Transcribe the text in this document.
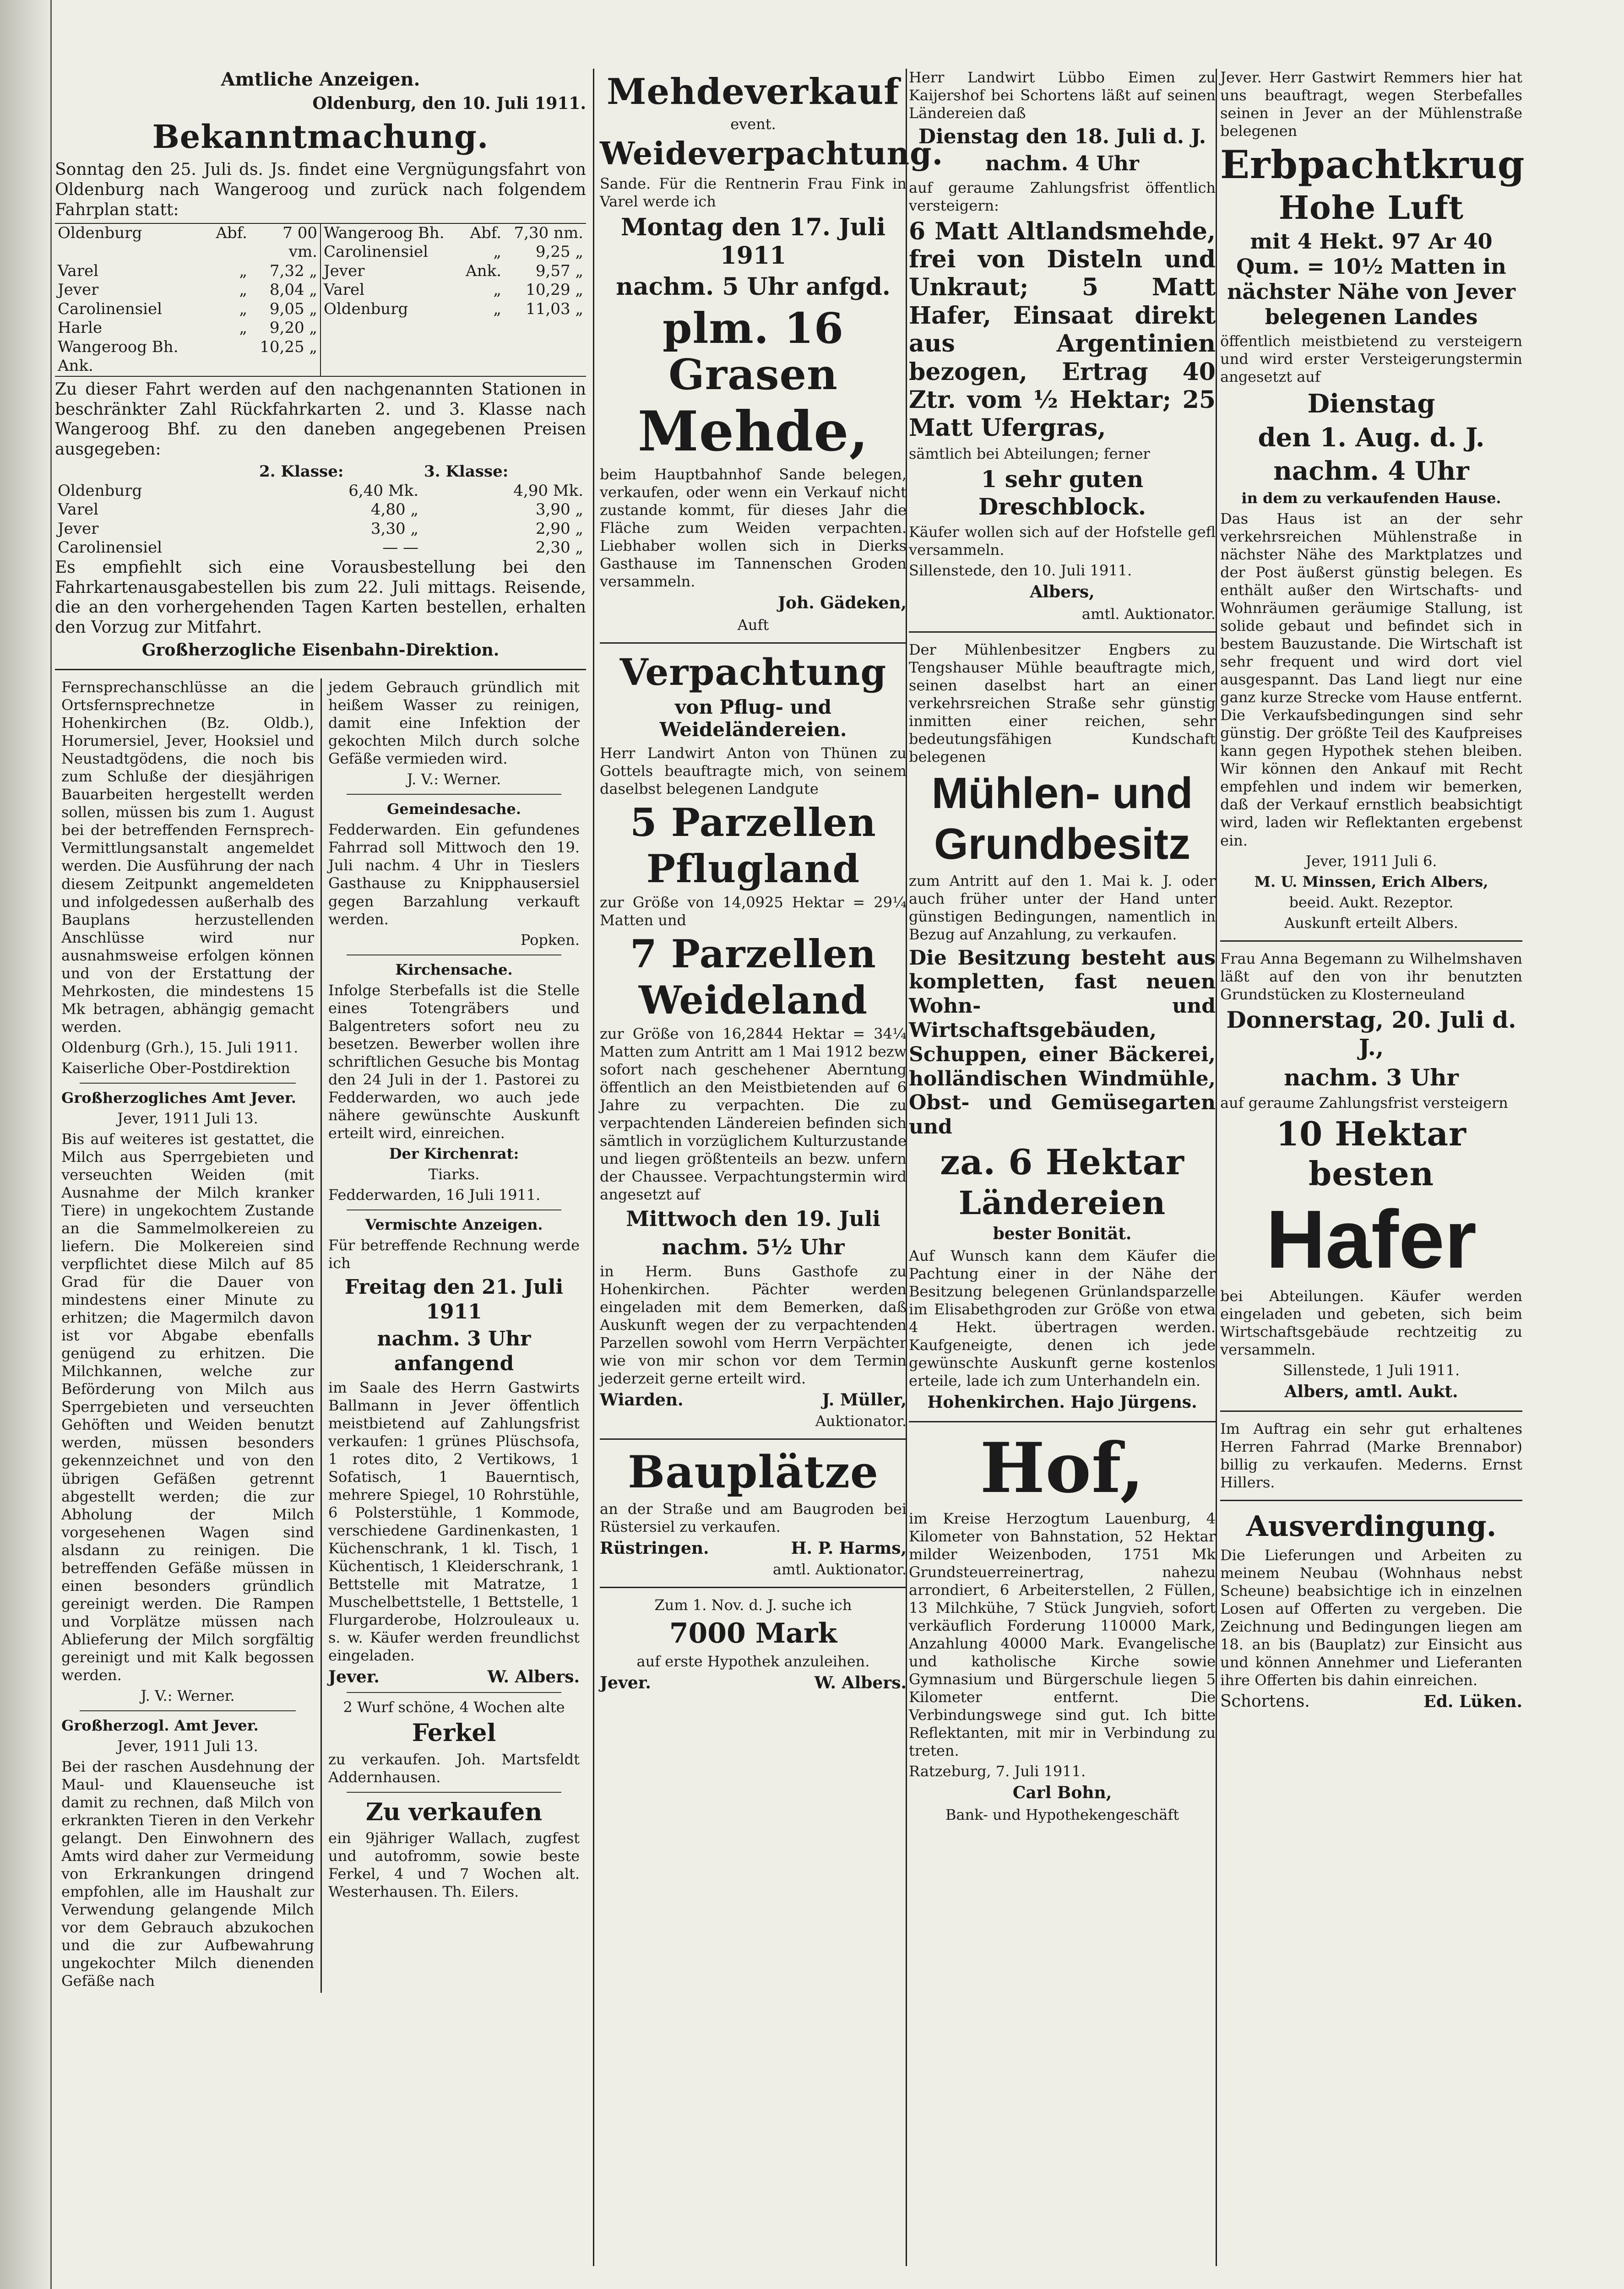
Amtliche Anzeigen.

Oldenburg, den 10. Juli 1911.

Bekanntmachung.

Sonntag den 25. Juli ds. Js. findet eine Vergnügungsfahrt von Oldenburg nach Wangeroog und zurück nach folgendem Fahrplan statt:

Oldenburg	Abf.	7 00 vm.
Varel	„	7,32 „
Jever	„	8,04 „
Carolinensiel	„	9,05 „
Harle	„	9,20 „
Wangeroog Bh. Ank.		10,25 „
Wangeroog Bh.	Abf.	7,30 nm.
Carolinensiel	„	9,25 „
Jever	Ank.	9,57 „
Varel	„	10,29 „
Oldenburg	„	11,03 „

Zu dieser Fahrt werden auf den nachgenannten Stationen in beschränkter Zahl Rückfahrkarten 2. und 3. Klasse nach Wangeroog Bhf. zu den daneben angegebenen Preisen ausgegeben:

	2. Klasse:	3. Klasse:
Oldenburg	6,40 Mk.	4,90 Mk.
Varel	4,80 „	3,90 „
Jever	3,30 „	2,90 „
Carolinensiel	— —	2,30 „

Es empfiehlt sich eine Vorausbestellung bei den Fahrkartenausgabestellen bis zum 22. Juli mittags. Reisende, die an den vorhergehenden Tagen Karten bestellen, erhalten den Vorzug zur Mitfahrt.

Großherzogliche Eisenbahn-Direktion.

Fernsprechanschlüsse an die Ortsfernsprechnetze in Hohenkirchen (Bz. Oldb.), Horumersiel, Jever, Hooksiel und Neustadtgödens, die noch bis zum Schluße der diesjährigen Bauarbeiten hergestellt werden sollen, müssen bis zum 1. August bei der betreffenden Fernsprech-Vermittlungsanstalt angemeldet werden. Die Ausführung der nach diesem Zeitpunkt angemeldeten und infolgedessen außerhalb des Bauplans herzustellenden Anschlüsse wird nur ausnahmsweise erfolgen können und von der Erstattung der Mehrkosten, die mindestens 15 Mk betragen, abhängig gemacht werden.

Oldenburg (Grh.), 15. Juli 1911.

Kaiserliche Ober-Postdirektion

Großherzogliches Amt Jever.

Jever, 1911 Juli 13.

Bis auf weiteres ist gestattet, die Milch aus Sperrgebieten und verseuchten Weiden (mit Ausnahme der Milch kranker Tiere) in ungekochtem Zustande an die Sammelmolkereien zu liefern. Die Molkereien sind verpflichtet diese Milch auf 85 Grad für die Dauer von mindestens einer Minute zu erhitzen; die Magermilch davon ist vor Abgabe ebenfalls genügend zu erhitzen. Die Milchkannen, welche zur Beförderung von Milch aus Sperrgebieten und verseuchten Gehöften und Weiden benutzt werden, müssen besonders gekennzeichnet und von den übrigen Gefäßen getrennt abgestellt werden; die zur Abholung der Milch vorgesehenen Wagen sind alsdann zu reinigen. Die betreffenden Gefäße müssen in einen besonders gründlich gereinigt werden. Die Rampen und Vorplätze müssen nach Ablieferung der Milch sorgfältig gereinigt und mit Kalk begossen werden.

J. V.: Werner.

Großherzogl. Amt Jever.

Jever, 1911 Juli 13.

Bei der raschen Ausdehnung der Maul- und Klauenseuche ist damit zu rechnen, daß Milch von erkrankten Tieren in den Verkehr gelangt. Den Einwohnern des Amts wird daher zur Vermeidung von Erkrankungen dringend empfohlen, alle im Haushalt zur Verwendung gelangende Milch vor dem Gebrauch abzukochen und die zur Aufbewahrung ungekochter Milch dienenden Gefäße nach

jedem Gebrauch gründlich mit heißem Wasser zu reinigen, damit eine Infektion der gekochten Milch durch solche Gefäße vermieden wird.

J. V.: Werner.

Gemeindesache.

Fedderwarden. Ein gefundenes Fahrrad soll Mittwoch den 19. Juli nachm. 4 Uhr in Tieslers Gasthause zu Knipphausersiel gegen Barzahlung verkauft werden.

Popken.

Kirchensache.

Infolge Sterbefalls ist die Stelle eines Totengräbers und Balgentreters sofort neu zu besetzen. Bewerber wollen ihre schriftlichen Gesuche bis Montag den 24 Juli in der 1. Pastorei zu Fedderwarden, wo auch jede nähere gewünschte Auskunft erteilt wird, einreichen.

Der Kirchenrat:

Tiarks.

Fedderwarden, 16 Juli 1911.

Vermischte Anzeigen.

Für betreffende Rechnung werde ich

Freitag den 21. Juli 1911

nachm. 3 Uhr anfangend

im Saale des Herrn Gastwirts Ballmann in Jever öffentlich meistbietend auf Zahlungsfrist verkaufen: 1 grünes Plüschsofa, 1 rotes dito, 2 Vertikows, 1 Sofatisch, 1 Bauerntisch, mehrere Spiegel, 10 Rohrstühle, 6 Polsterstühle, 1 Kommode, verschiedene Gardinenkasten, 1 Küchenschrank, 1 kl. Tisch, 1 Küchentisch, 1 Kleiderschrank, 1 Bettstelle mit Matratze, 1 Muschelbettstelle, 1 Bettstelle, 1 Flurgarderobe, Holzrouleaux u. s. w. Käufer werden freundlichst eingeladen.

Jever.	W. Albers.

2 Wurf schöne, 4 Wochen alte

Ferkel

zu verkaufen. Joh. Martsfeldt Addernhausen.

Zu verkaufen

ein 9jähriger Wallach, zugfest und autofromm, sowie beste Ferkel, 4 und 7 Wochen alt. Westerhausen. Th. Eilers.

Mehdeverkauf

event.

Weideverpachtung.

Sande. Für die Rentnerin Frau Fink in Varel werde ich

Montag den 17. Juli 1911
nachm. 5 Uhr anfgd.
plm. 16 Grasen
Mehde,

beim Hauptbahnhof Sande belegen, verkaufen, oder wenn ein Verkauf nicht zustande kommt, für dieses Jahr die Fläche zum Weiden verpachten. Liebhaber wollen sich in Dierks Gasthause im Tannenschen Groden versammeln.

Joh. Gädeken,

Auft

Verpachtung
von Pflug- und Weideländereien.

Herr Landwirt Anton von Thünen zu Gottels beauftragte mich, von seinem daselbst belegenen Landgute

5 Parzellen
Pflugland

zur Größe von 14,0925 Hektar = 29¼ Matten und

7 Parzellen
Weideland

zur Größe von 16,2844 Hektar = 34¼ Matten zum Antritt am 1 Mai 1912 bezw sofort nach geschehener Aberntung öffentlich an den Meistbietenden auf 6 Jahre zu verpachten. Die zu verpachtenden Ländereien befinden sich sämtlich in vorzüglichem Kulturzustande und liegen größtenteils an bezw. unfern der Chaussee. Verpachtungstermin wird angesetzt auf

Mittwoch den 19. Juli
nachm. 5½ Uhr

in Herm. Buns Gasthofe zu Hohenkirchen. Pächter werden eingeladen mit dem Bemerken, daß Auskunft wegen der zu verpachtenden Parzellen sowohl vom Herrn Verpächter wie von mir schon vor dem Termin jederzeit gerne erteilt wird.

Wiarden.	J. Müller,

Auktionator.

Bauplätze

an der Straße und am Baugroden bei Rüstersiel zu verkaufen.

Rüstringen.	H. P. Harms,

amtl. Auktionator.

Zum 1. Nov. d. J. suche ich

7000 Mark

auf erste Hypothek anzuleihen.

Jever.	W. Albers.

Herr Landwirt Lübbo Eimen zu Kaijershof bei Schortens läßt auf seinen Ländereien daß

Dienstag den 18. Juli d. J.
nachm. 4 Uhr

auf geraume Zahlungsfrist öffentlich versteigern:

6 Matt Altlandsmehde, frei von Disteln und Unkraut; 5 Matt Hafer, Einsaat direkt aus Argentinien bezogen, Ertrag 40 Ztr. vom ½ Hektar; 25 Matt Ufergras,

sämtlich bei Abteilungen; ferner

1 sehr guten Dreschblock.

Käufer wollen sich auf der Hofstelle gefl versammeln.

Sillenstede, den 10. Juli 1911.

Albers,

amtl. Auktionator.

Der Mühlenbesitzer Engbers zu Tengshauser Mühle beauftragte mich, seinen daselbst hart an einer verkehrsreichen Straße sehr günstig inmitten einer reichen, sehr bedeutungsfähigen Kundschaft belegenen

Mühlen- und
Grundbesitz

zum Antritt auf den 1. Mai k. J. oder auch früher unter der Hand unter günstigen Bedingungen, namentlich in Bezug auf Anzahlung, zu verkaufen.

Die Besitzung besteht aus kompletten, fast neuen Wohn- und Wirtschaftsgebäuden, Schuppen, einer Bäckerei, holländischen Windmühle, Obst- und Gemüsegarten und

za. 6 Hektar
Ländereien

bester Bonität.

Auf Wunsch kann dem Käufer die Pachtung einer in der Nähe der Besitzung belegenen Grünlandsparzelle im Elisabethgroden zur Größe von etwa 4 Hekt. übertragen werden. Kaufgeneigte, denen ich jede gewünschte Auskunft gerne kostenlos erteile, lade ich zum Unterhandeln ein.

Hohenkirchen. Hajo Jürgens.

Hof,

im Kreise Herzogtum Lauenburg, 4 Kilometer von Bahnstation, 52 Hektar milder Weizenboden, 1751 Mk Grundsteuerreinertrag, nahezu arrondiert, 6 Arbeiterstellen, 2 Füllen, 13 Milchkühe, 7 Stück Jungvieh, sofort verkäuflich Forderung 110000 Mark, Anzahlung 40000 Mark. Evangelische und katholische Kirche sowie Gymnasium und Bürgerschule liegen 5 Kilometer entfernt. Die Verbindungswege sind gut. Ich bitte Reflektanten, mit mir in Verbindung zu treten.

Ratzeburg, 7. Juli 1911.

Carl Bohn,

Bank- und Hypothekengeschäft

Jever. Herr Gastwirt Remmers hier hat uns beauftragt, wegen Sterbefalles seinen in Jever an der Mühlenstraße belegenen

Erbpachtkrug
Hohe Luft

mit 4 Hekt. 97 Ar 40 Qum. = 10½ Matten in nächster Nähe von Jever belegenen Landes

öffentlich meistbietend zu versteigern und wird erster Versteigerungstermin angesetzt auf

Dienstag
den 1. Aug. d. J.
nachm. 4 Uhr

in dem zu verkaufenden Hause.

Das Haus ist an der sehr verkehrsreichen Mühlenstraße in nächster Nähe des Marktplatzes und der Post äußerst günstig belegen. Es enthält außer den Wirtschafts- und Wohnräumen geräumige Stallung, ist solide gebaut und befindet sich in bestem Bauzustande. Die Wirtschaft ist sehr frequent und wird dort viel ausgespannt. Das Land liegt nur eine ganz kurze Strecke vom Hause entfernt. Die Verkaufsbedingungen sind sehr günstig. Der größte Teil des Kaufpreises kann gegen Hypothek stehen bleiben. Wir können den Ankauf mit Recht empfehlen und indem wir bemerken, daß der Verkauf ernstlich beabsichtigt wird, laden wir Reflektanten ergebenst ein.

Jever, 1911 Juli 6.

M. U. Minssen, Erich Albers,

beeid. Aukt. Rezeptor.

Auskunft erteilt Albers.

Frau Anna Begemann zu Wilhelmshaven läßt auf den von ihr benutzten Grundstücken zu Klosterneuland

Donnerstag, 20. Juli d. J.,
nachm. 3 Uhr

auf geraume Zahlungsfrist versteigern

10 Hektar
besten
Hafer

bei Abteilungen. Käufer werden eingeladen und gebeten, sich beim Wirtschaftsgebäude rechtzeitig zu versammeln.

Sillenstede, 1 Juli 1911.

Albers, amtl. Aukt.

Im Auftrag ein sehr gut erhaltenes Herren Fahrrad (Marke Brennabor) billig zu verkaufen. Mederns. Ernst Hillers.

Ausverdingung.

Die Lieferungen und Arbeiten zu meinem Neubau (Wohnhaus nebst Scheune) beabsichtige ich in einzelnen Losen auf Offerten zu vergeben. Die Zeichnung und Bedingungen liegen am 18. an bis (Bauplatz) zur Einsicht aus und können Annehmer und Lieferanten ihre Offerten bis dahin einreichen.

Schortens.	Ed. Lüken.
